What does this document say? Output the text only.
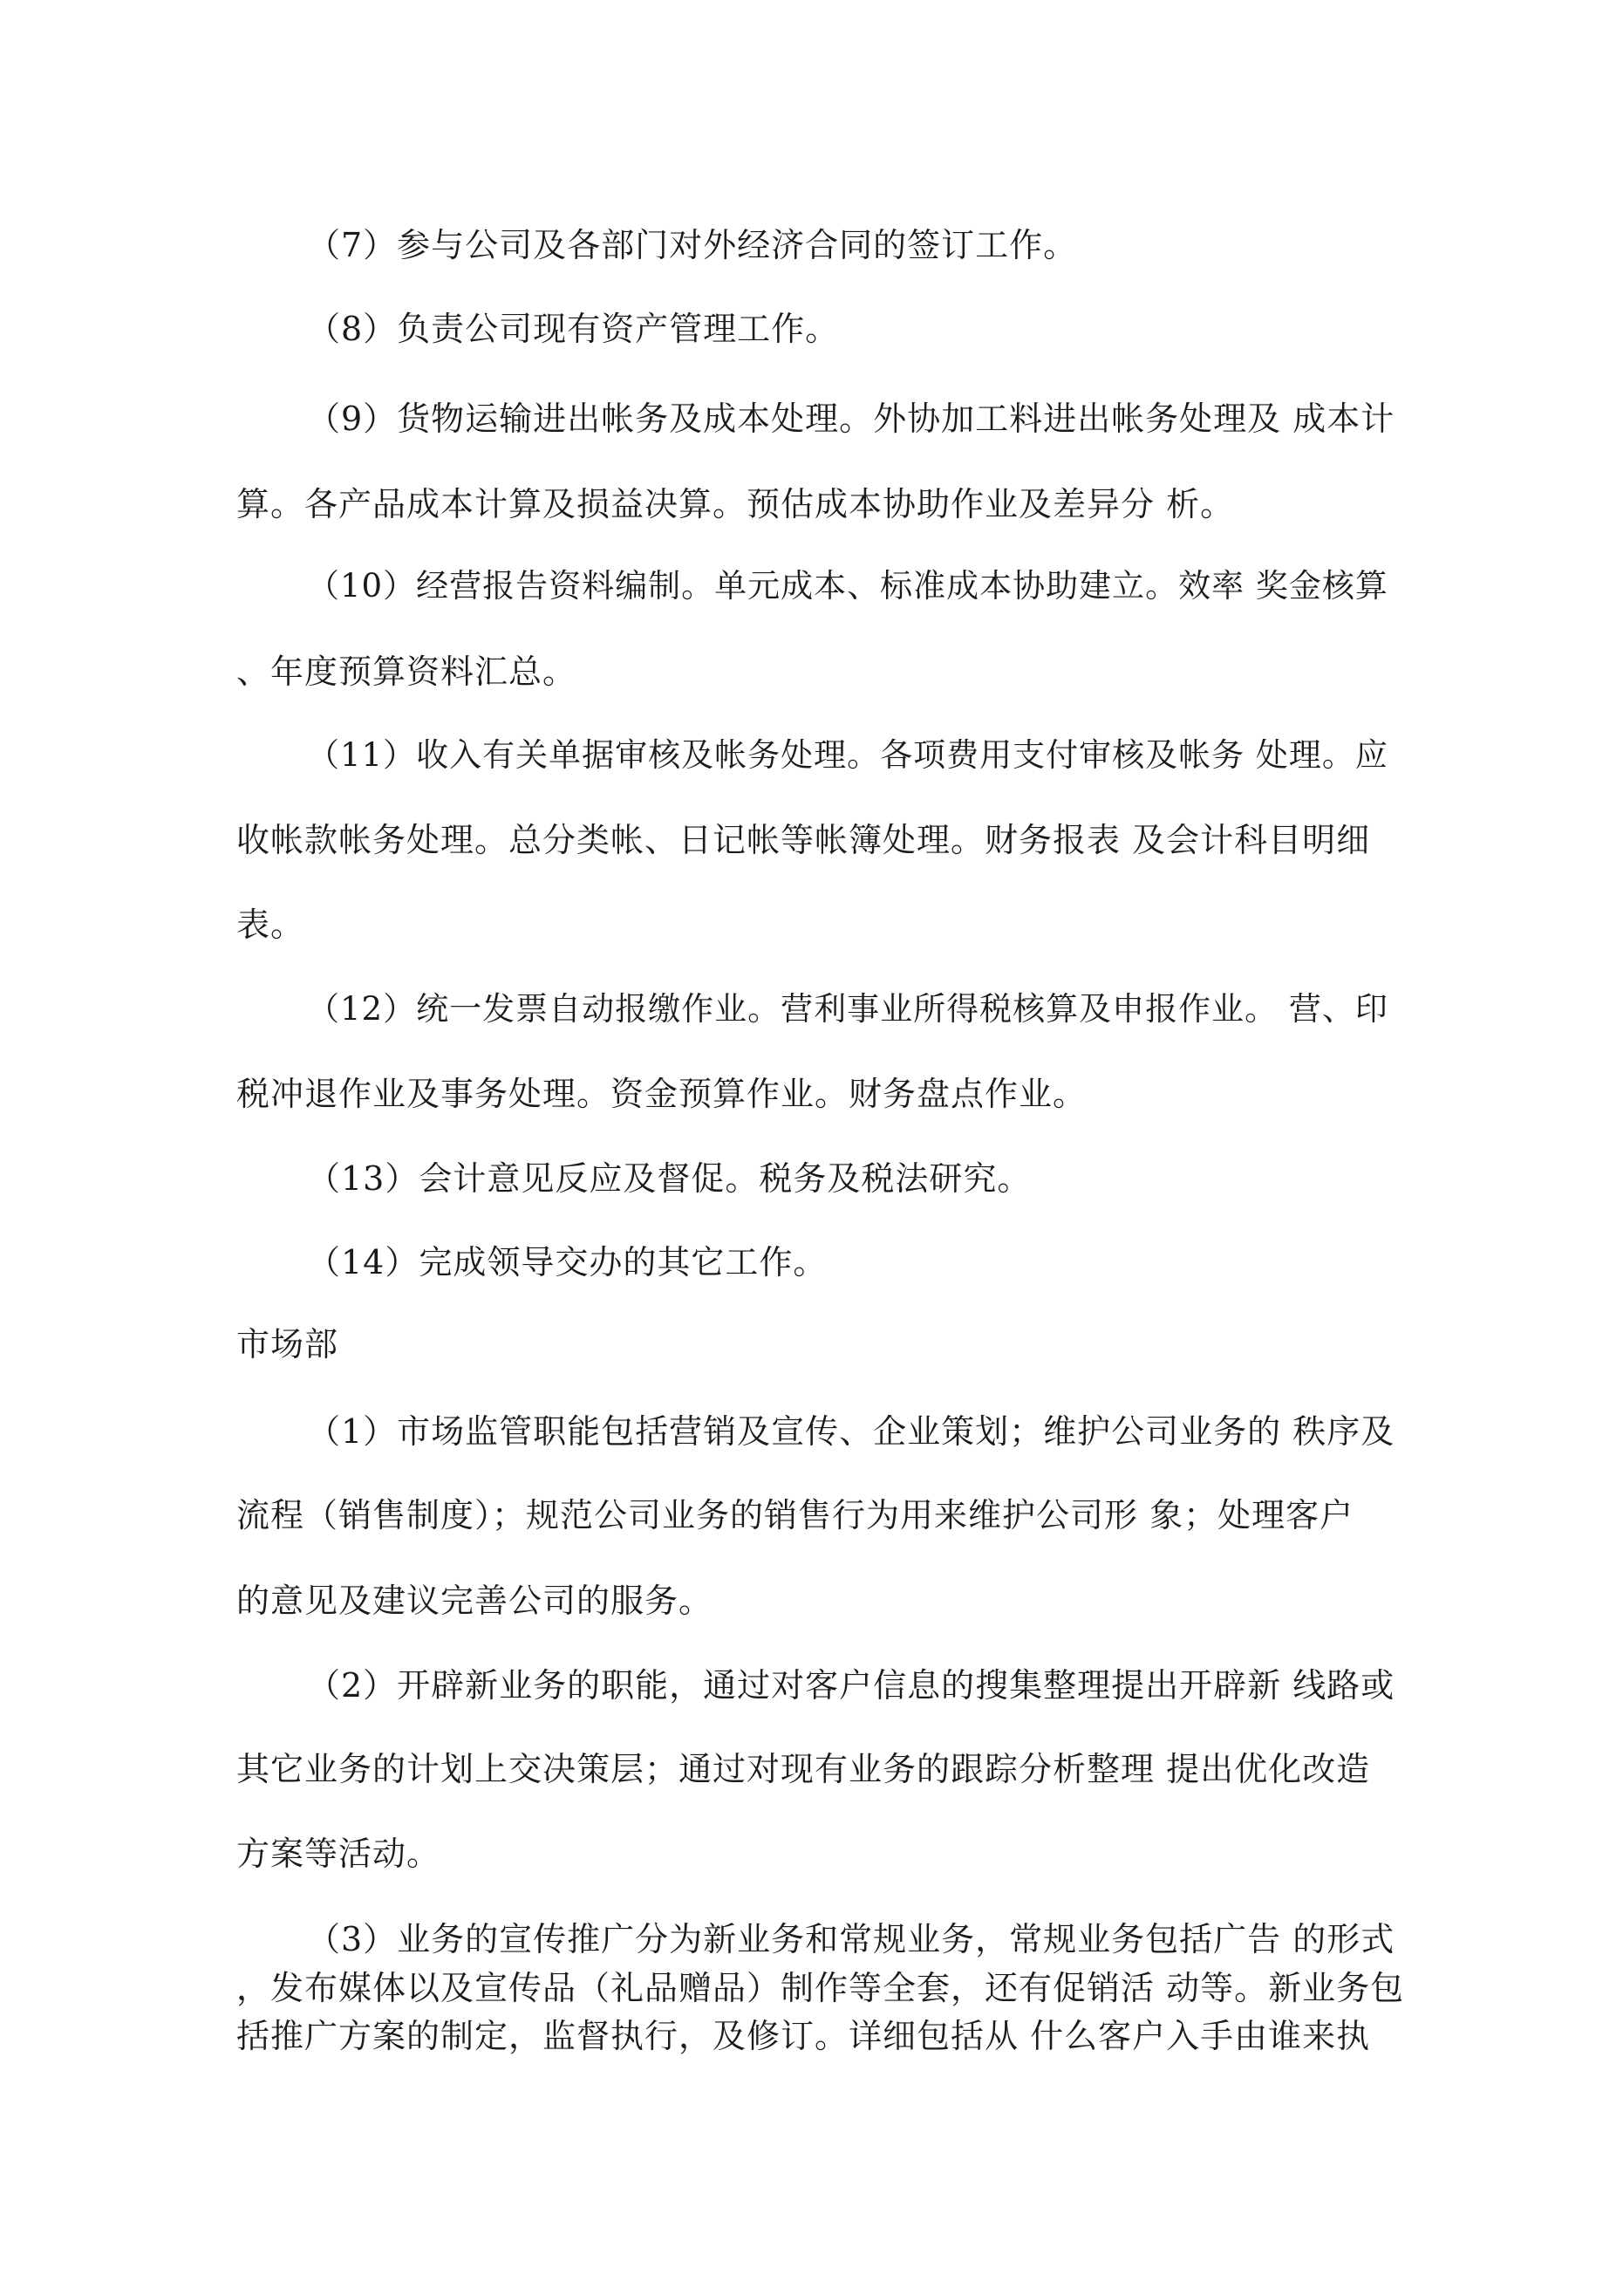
（7）参与公司及各部门对外经济合同的签订工作。
（8）负责公司现有资产管理工作。
（9）货物运输进出帐务及成本处理。外协加工料进出帐务处理及 成本计
算。各产品成本计算及损益决算。预估成本协助作业及差异分 析。
（10）经营报告资料编制。单元成本、标准成本协助建立。效率 奖金核算
、年度预算资料汇总。
（11）收入有关单据审核及帐务处理。各项费用支付审核及帐务 处理。应
收帐款帐务处理。总分类帐、日记帐等帐簿处理。财务报表 及会计科目明细
表。
（12）统一发票自动报缴作业。营利事业所得税核算及申报作业。 营、印
税冲退作业及事务处理。资金预算作业。财务盘点作业。
（13）会计意见反应及督促。税务及税法研究。
（14）完成领导交办的其它工作。
市场部
（1）市场监管职能包括营销及宣传、企业策划；维护公司业务的 秩序及
流程（销售制度）；规范公司业务的销售行为用来维护公司形 象；处理客户
的意见及建议完善公司的服务。
（2）开辟新业务的职能，通过对客户信息的搜集整理提出开辟新 线路或
其它业务的计划上交决策层；通过对现有业务的跟踪分析整理 提出优化改造
方案等活动。
（3）业务的宣传推广分为新业务和常规业务，常规业务包括广告 的形式
，发布媒体以及宣传品（礼品赠品）制作等全套，还有促销活 动等。新业务包
括推广方案的制定，监督执行，及修订。详细包括从 什么客户入手由谁来执
